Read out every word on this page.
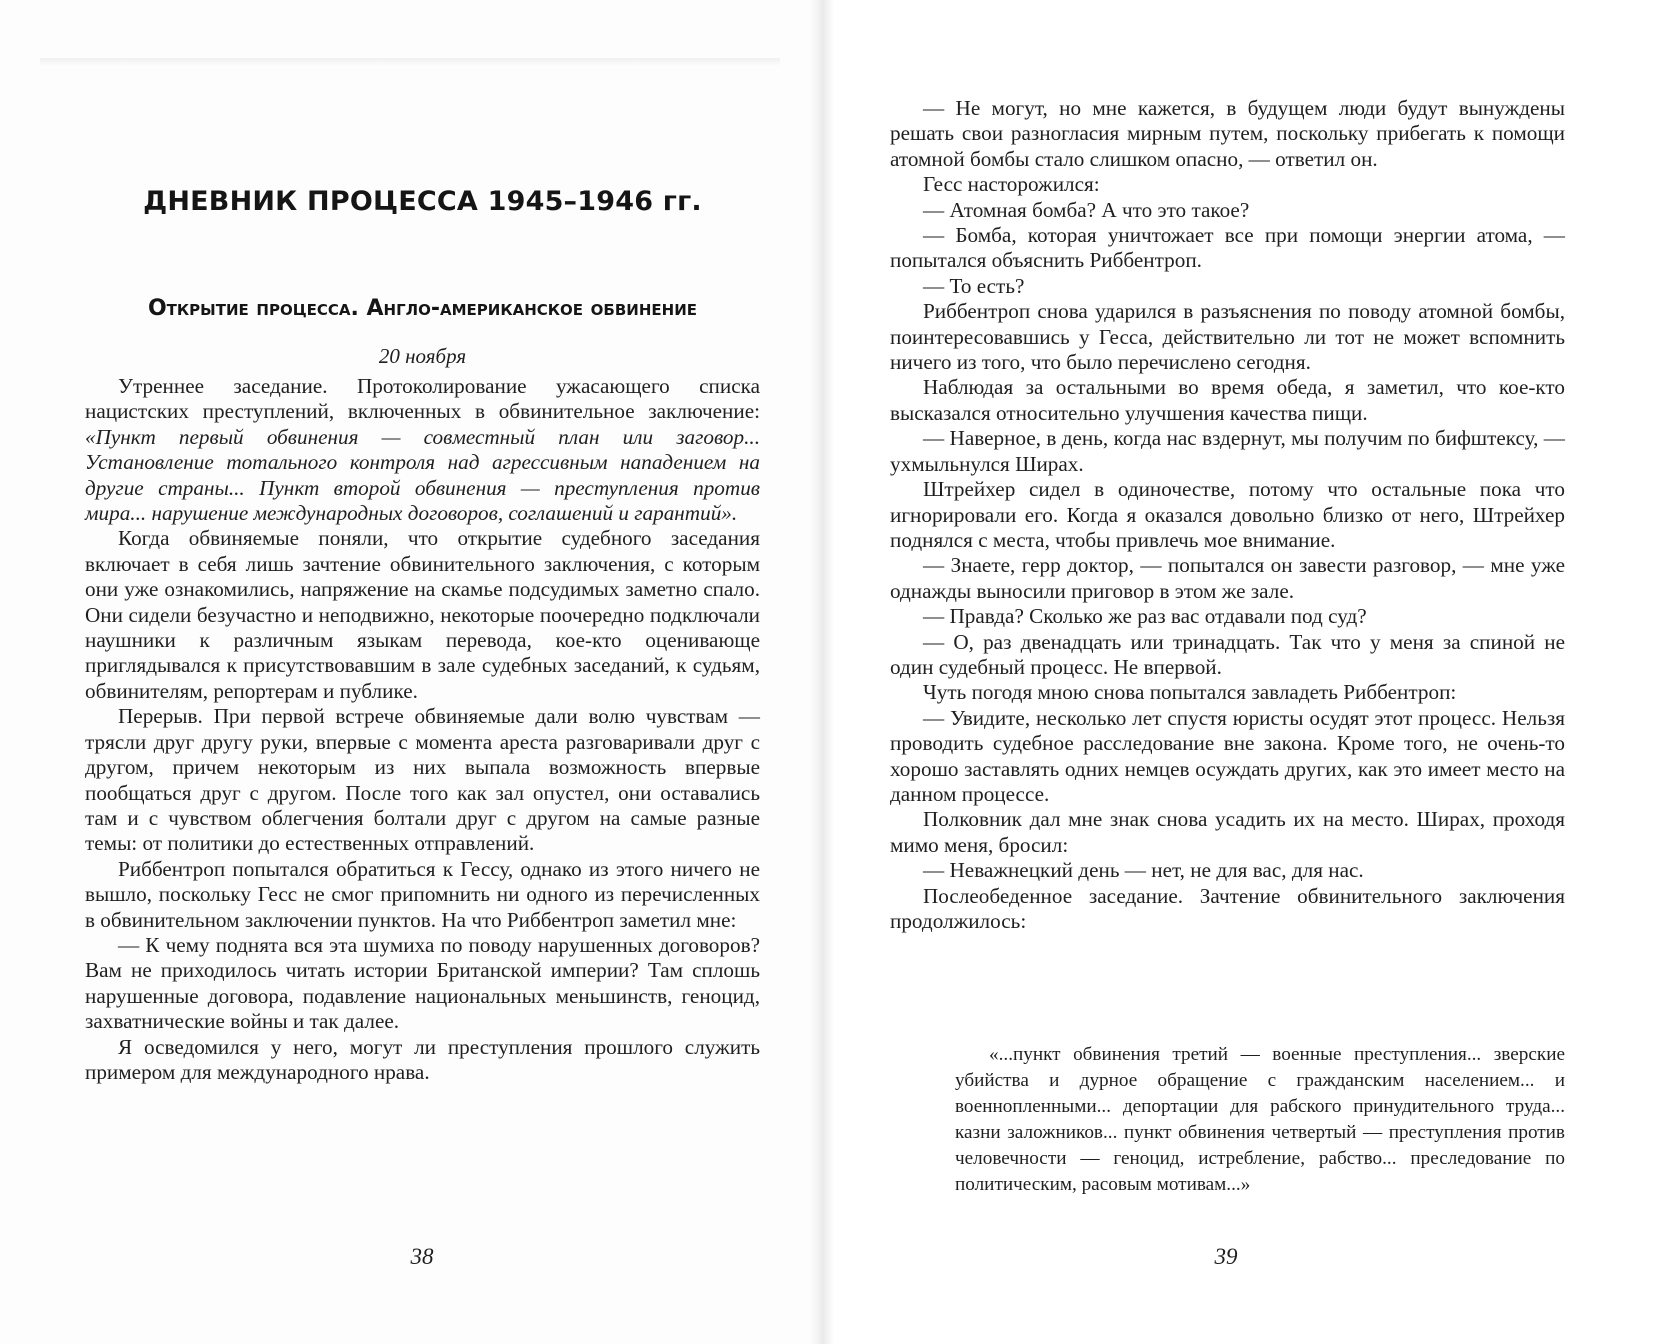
ДНЕВНИК ПРОЦЕССА 1945–1946 гг.
Открытие процесса. Англо-американское обвинение
20 ноября

Утреннее заседание. Протоколирование ужасающего списка нацистских преступлений, включенных в обвинительное заключение: «Пункт первый обвинения — совместный план или заговор... Установление тотального контроля над агрессивным нападением на другие страны... Пункт второй обвинения — преступления против мира... нарушение международных договоров, соглашений и гарантий».

Когда обвиняемые поняли, что открытие судебного заседания включает в себя лишь зачтение обвинительного заключения, с которым они уже ознакомились, напряжение на скамье подсудимых заметно спало. Они сидели безучастно и неподвижно, некоторые поочередно подключали наушники к различным языкам перевода, кое-кто оценивающе приглядывался к присутствовавшим в зале судебных заседаний, к судьям, обвинителям, репортерам и публике.

Перерыв. При первой встрече обвиняемые дали волю чувствам — трясли друг другу руки, впервые с момента ареста разговаривали друг с другом, причем некоторым из них выпала возможность впервые пообщаться друг с другом. После того как зал опустел, они оставались там и с чувством облегчения болтали друг с другом на самые разные темы: от политики до естественных отправлений.

Риббентроп попытался обратиться к Гессу, однако из этого ничего не вышло, поскольку Гесс не смог припомнить ни одного из перечисленных в обвинительном заключении пунктов. На что Риббентроп заметил мне:

— К чему поднята вся эта шумиха по поводу нарушенных договоров? Вам не приходилось читать истории Британской империи? Там сплошь нарушенные договора, подавление национальных меньшинств, геноцид, захватнические войны и так далее.

Я осведомился у него, могут ли преступления прошлого служить примером для международного нрава.

38

— Не могут, но мне кажется, в будущем люди будут вынуждены решать свои разногласия мирным путем, поскольку прибегать к помощи атомной бомбы стало слишком опасно, — ответил он.

Гесс насторожился:

— Атомная бомба? А что это такое?

— Бомба, которая уничтожает все при помощи энергии атома, — попытался объяснить Риббентроп.

— То есть?

Риббентроп снова ударился в разъяснения по поводу атомной бомбы, поинтересовавшись у Гесса, действительно ли тот не может вспомнить ничего из того, что было перечислено сегодня.

Наблюдая за остальными во время обеда, я заметил, что кое-кто высказался относительно улучшения качества пищи.

— Наверное, в день, когда нас вздернут, мы получим по бифштексу, — ухмыльнулся Ширах.

Штрейхер сидел в одиночестве, потому что остальные пока что игнорировали его. Когда я оказался довольно близко от него, Штрейхер поднялся с места, чтобы привлечь мое внимание.

— Знаете, герр доктор, — попытался он завести разговор, — мне уже однажды выносили приговор в этом же зале.

— Правда? Сколько же раз вас отдавали под суд?

— О, раз двенадцать или тринадцать. Так что у меня за спиной не один судебный процесс. Не впервой.

Чуть погодя мною снова попытался завладеть Риббентроп:

— Увидите, несколько лет спустя юристы осудят этот процесс. Нельзя проводить судебное расследование вне закона. Кроме того, не очень-то хорошо заставлять одних немцев осуждать других, как это имеет место на данном процессе.

Полковник дал мне знак снова усадить их на место. Ширах, проходя мимо меня, бросил:

— Неважнецкий день — нет, не для вас, для нас.

Послеобеденное заседание. Зачтение обвинительного заключения продолжилось:

«...пункт обвинения третий — военные преступления... зверские убийства и дурное обращение с гражданским населением... и военнопленными... депортации для рабского принудительного труда... казни заложников... пункт обвинения четвертый — преступления против человечности — геноцид, истребление, рабство... преследование по политическим, расовым мотивам...»

39
